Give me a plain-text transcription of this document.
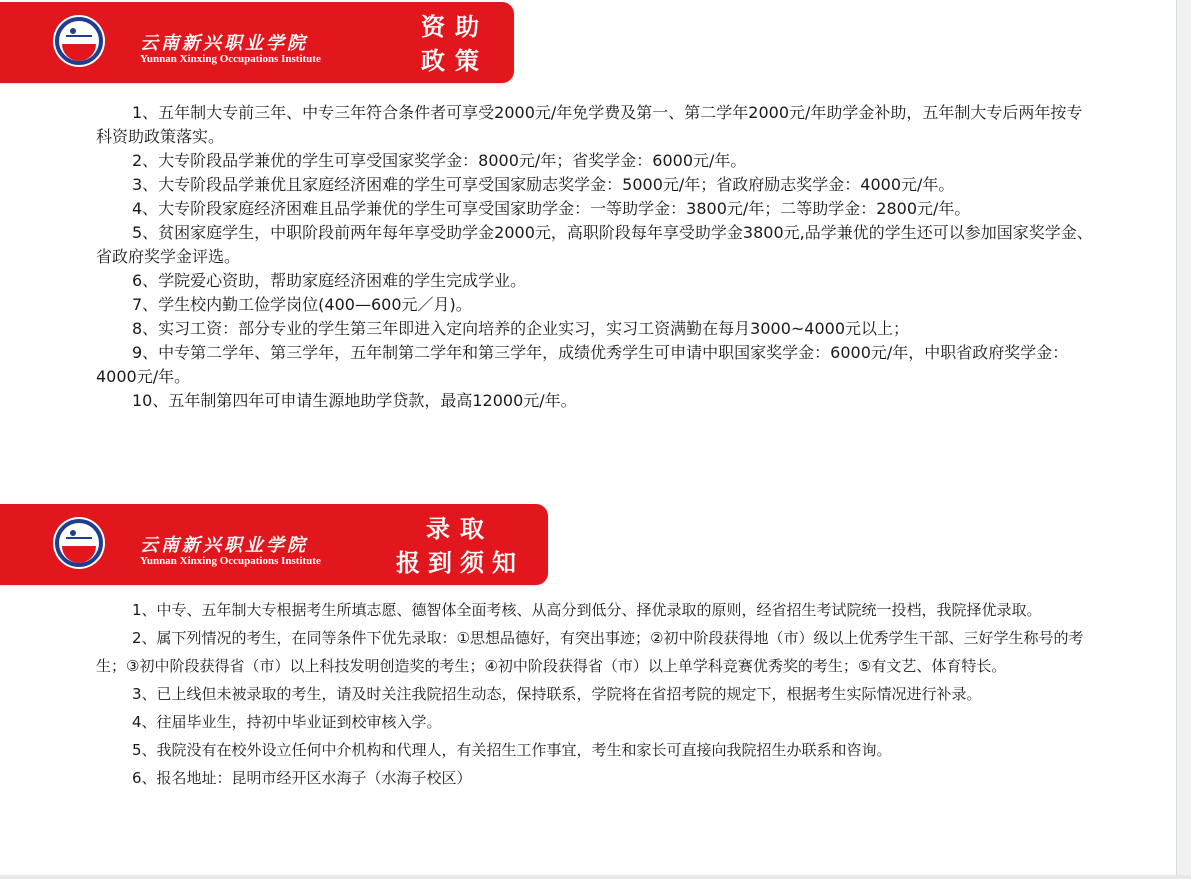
云南新兴职业学院
Yunnan Xinxing Occupations Institute
资助
政策

1、五年制大专前三年、中专三年符合条件者可享受2000元/年免学费及第一、第二学年2000元/年助学金补助，五年制大专后两年按专科资助政策落实。

2、大专阶段品学兼优的学生可享受国家奖学金：8000元/年；省奖学金：6000元/年。

3、大专阶段品学兼优且家庭经济困难的学生可享受国家励志奖学金：5000元/年；省政府励志奖学金：4000元/年。

4、大专阶段家庭经济困难且品学兼优的学生可享受国家助学金：一等助学金：3800元/年；二等助学金：2800元/年。

5、贫困家庭学生，中职阶段前两年每年享受助学金2000元，高职阶段每年享受助学金3800元,品学兼优的学生还可以参加国家奖学金、省政府奖学金评选。

6、学院爱心资助，帮助家庭经济困难的学生完成学业。

7、学生校内勤工俭学岗位(400—600元／月)。

8、实习工资：部分专业的学生第三年即进入定向培养的企业实习，实习工资满勤在每月3000~4000元以上；

9、中专第二学年、第三学年，五年制第二学年和第三学年，成绩优秀学生可申请中职国家奖学金：6000元/年，中职省政府奖学金：4000元/年。

10、五年制第四年可申请生源地助学贷款，最高12000元/年。

云南新兴职业学院
Yunnan Xinxing Occupations Institute
录取
报到须知

1、中专、五年制大专根据考生所填志愿、德智体全面考核、从高分到低分、择优录取的原则，经省招生考试院统一投档，我院择优录取。

2、属下列情况的考生，在同等条件下优先录取：①思想品德好，有突出事迹；②初中阶段获得地（市）级以上优秀学生干部、三好学生称号的考生；③初中阶段获得省（市）以上科技发明创造奖的考生；④初中阶段获得省（市）以上单学科竞赛优秀奖的考生；⑤有文艺、体育特长。

3、已上线但未被录取的考生，请及时关注我院招生动态，保持联系，学院将在省招考院的规定下，根据考生实际情况进行补录。

4、往届毕业生，持初中毕业证到校审核入学。

5、我院没有在校外设立任何中介机构和代理人，有关招生工作事宜，考生和家长可直接向我院招生办联系和咨询。

6、报名地址：昆明市经开区水海子（水海子校区）
